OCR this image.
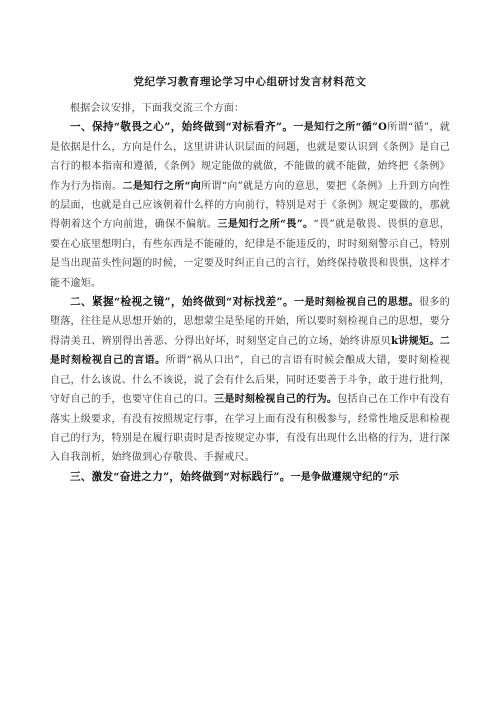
党纪学习教育理论学习中心组研讨发言材料范文

根据会议安排，下面我交流三个方面：

一、保持“敬畏之心”，始终做到“对标看齐”。一是知行之所“循”O所谓“循”，就是依据是什么，方向是什么，这里讲讲认识层面的问题，也就是要认识到《条例》是自己言行的根本指南和遵循，《条例》规定能做的就做，不能做的就不能做，始终把《条例》作为行为指南。二是知行之所“向所谓“向”就是方向的意思，要把《条例》上升到方向性的层面，也就是自己应该朝着什么样的方向前行，特别是对于《条例》规定要做的，那就得朝着这个方向前进，确保不偏航。三是知行之所“畏”。“畏”就是敬畏、畏惧的意思，要在心底里想明白，有些东西是不能碰的，纪律是不能违反的，时时刻刻警示自己，特别是当出现苗头性问题的时候，一定要及时纠正自己的言行，始终保持敬畏和畏惧，这样才能不逾矩。

二、紧握“检视之镜”，始终做到“对标找差”。一是时刻检视自己的思想。很多的堕落，往往是从思想开始的，思想蒙尘是坠尾的开始，所以要时刻检视自己的思想，要分得清美丑、辨别得出善恶、分得出好坏，时刻坚定自己的立场，始终讲原贝k讲规矩。二是时刻检视自己的言语。所谓“祸从口出”，自己的言语有时候会酿成大错，要时刻检视自己，什么该说、什么不该说，说了会有什么后果，同时还要善于斗争，敢于进行批判，守好自己的手，也要守住自己的口。三是时刻检视自己的行为。包括自己在工作中有没有落实上级要求，有没有按照规定行事，在学习上面有没有积极参与，经常性地反思和检视自己的行为，特别是在履行职责时是否按规定办事，有没有出现什么出格的行为，进行深入自我剖析，始终做到心存敬畏、手握戒尺。

三、激发“奋进之力”，始终做到“对标践行”。一是争做遵规守纪的“示
